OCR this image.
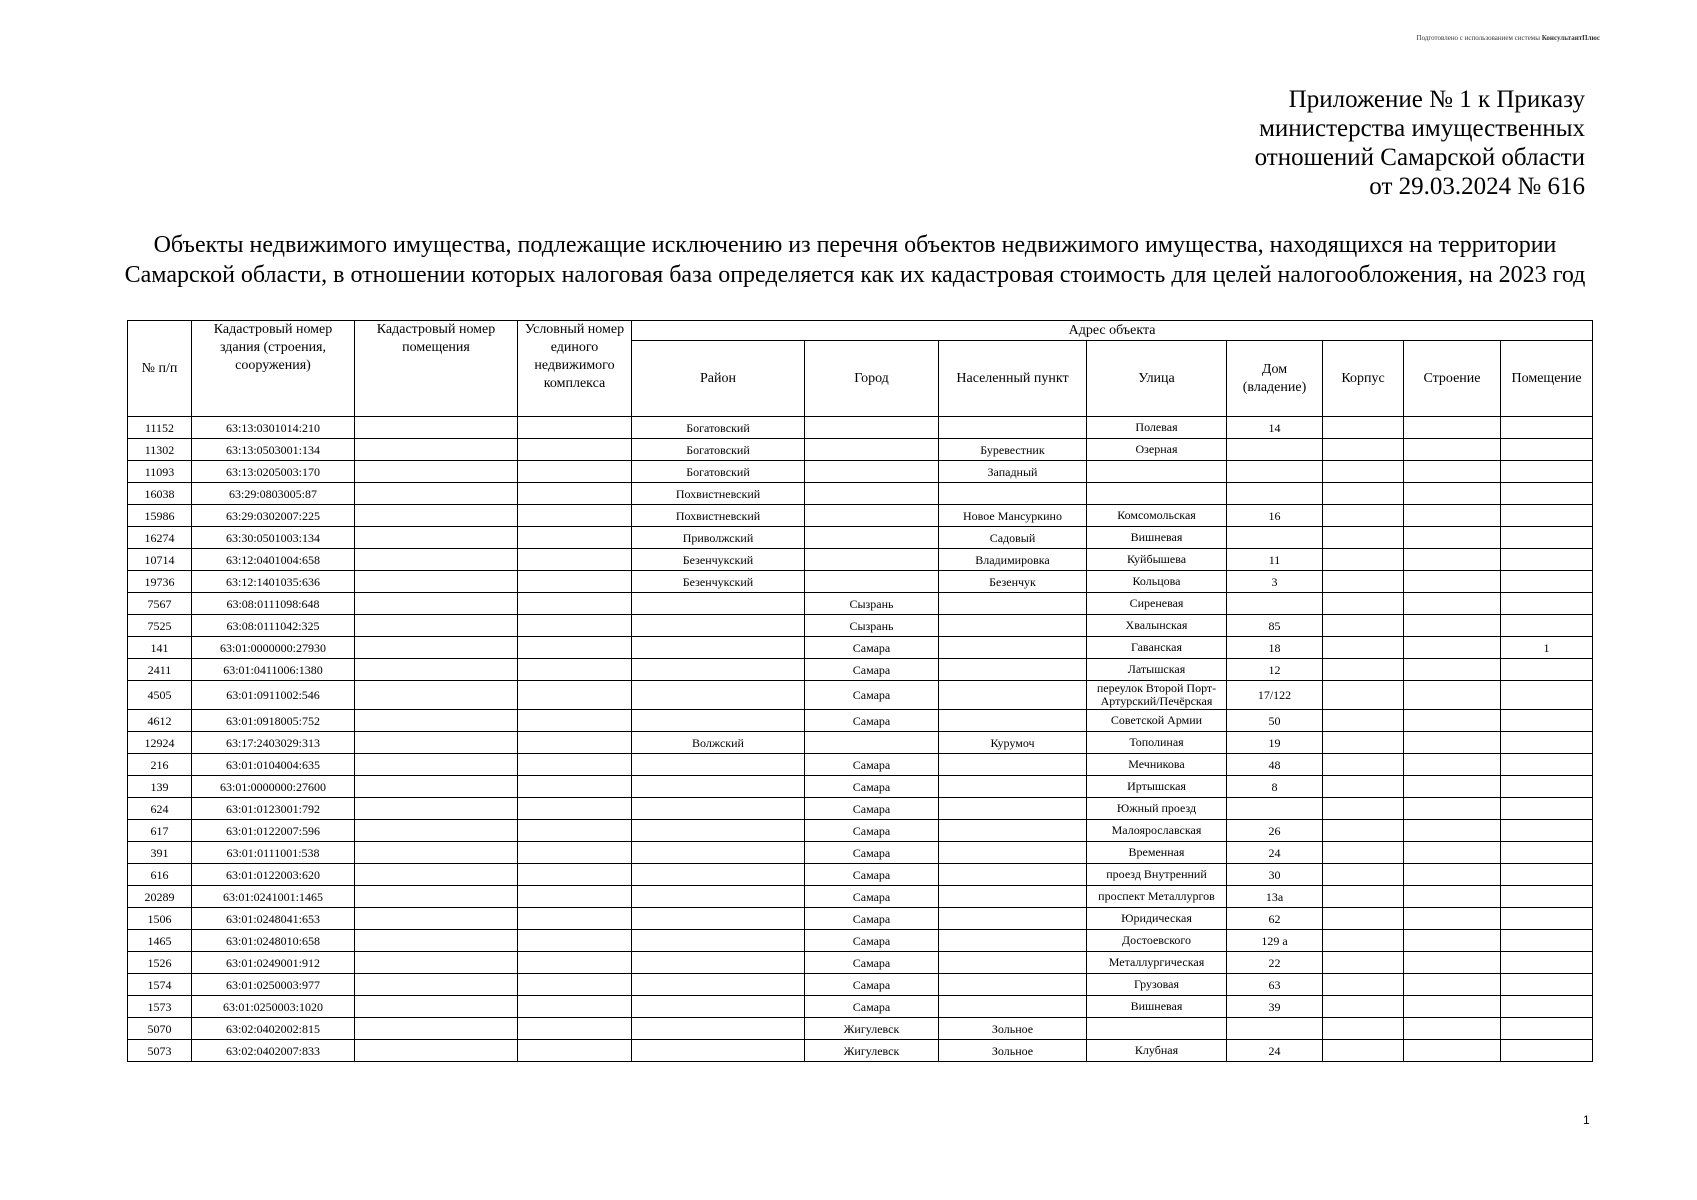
Подготовлено с использованием системы КонсультантПлюс
Приложение № 1 к Приказу
министерства имущественных
отношений Самарской области
от 29.03.2024 № 616
Объекты недвижимого имущества, подлежащие исключению из перечня объектов недвижимого имущества, находящихся на территории Самарской области, в отношении которых налоговая база определяется как их кадастровая стоимость для целей налогообложения, на 2023 год
№ п/п	Кадастровый номер здания (строения, сооружения)	Кадастровый номер помещения	Условный номер единого недвижимого комплекса	Адрес объекта							
				Район	Город	Населенный пункт	Улица	Дом (владение)	Корпус	Строение	Помещение
11152	63:13:0301014:210			Богатовский			Полевая	14			
11302	63:13:0503001:134			Богатовский		Буревестник	Озерная				
11093	63:13:0205003:170			Богатовский		Западный					
16038	63:29:0803005:87			Похвистневский							
15986	63:29:0302007:225			Похвистневский		Новое Мансуркино	Комсомольская	16			
16274	63:30:0501003:134			Приволжский		Садовый	Вишневая				
10714	63:12:0401004:658			Безенчукский		Владимировка	Куйбышева	11			
19736	63:12:1401035:636			Безенчукский		Безенчук	Кольцова	3			
7567	63:08:0111098:648				Сызрань		Сиреневая				
7525	63:08:0111042:325				Сызрань		Хвалынская	85			
141	63:01:0000000:27930				Самара		Гаванская	18			1
2411	63:01:0411006:1380				Самара		Латышская	12			
4505	63:01:0911002:546				Самара		переулок Второй Порт-Артурский/Печёрская	17/122			
4612	63:01:0918005:752				Самара		Советской Армии	50			
12924	63:17:2403029:313			Волжский		Курумоч	Тополиная	19			
216	63:01:0104004:635				Самара		Мечникова	48			
139	63:01:0000000:27600				Самара		Иртышская	8			
624	63:01:0123001:792				Самара		Южный проезд				
617	63:01:0122007:596				Самара		Малоярославская	26			
391	63:01:0111001:538				Самара		Временная	24			
616	63:01:0122003:620				Самара		проезд Внутренний	30			
20289	63:01:0241001:1465				Самара		проспект Металлургов	13а			
1506	63:01:0248041:653				Самара		Юридическая	62			
1465	63:01:0248010:658				Самара		Достоевского	129 а			
1526	63:01:0249001:912				Самара		Металлургическая	22			
1574	63:01:0250003:977				Самара		Грузовая	63			
1573	63:01:0250003:1020				Самара		Вишневая	39			
5070	63:02:0402002:815				Жигулевск	Зольное					
5073	63:02:0402007:833				Жигулевск	Зольное	Клубная	24			
1
